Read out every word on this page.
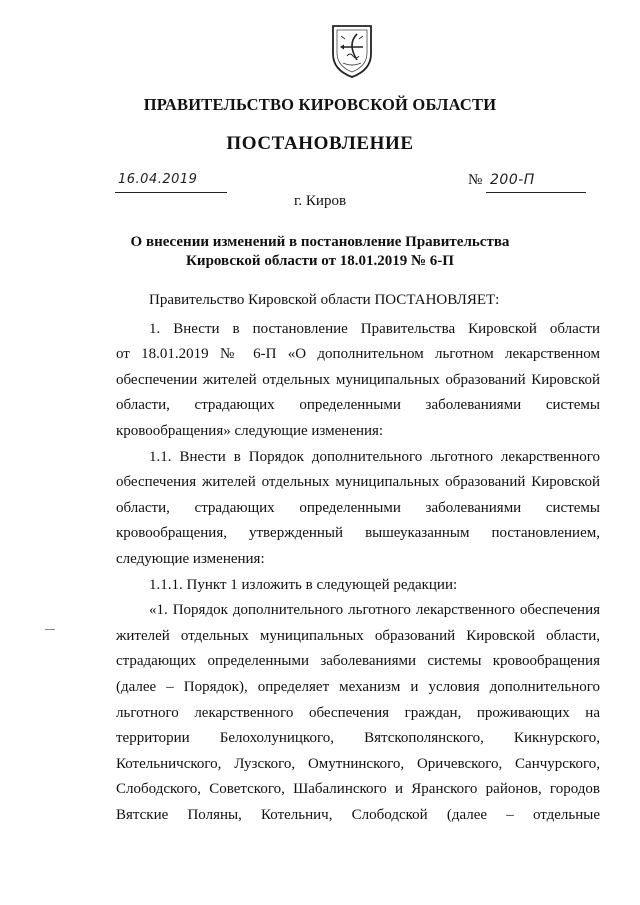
ПРАВИТЕЛЬСТВО КИРОВСКОЙ ОБЛАСТИ
ПОСТАНОВЛЕНИЕ
16.04.2019	№ 200-П
г. Киров
О внесении изменений в постановление Правительства
Кировской области от 18.01.2019 № 6-П

Правительство Кировской области ПОСТАНОВЛЯЕТ:

1. Внести в постановление Правительства Кировской области
от 18.01.2019 № 6-П «О дополнительном льготном лекарственном
обеспечении жителей отдельных муниципальных образований Кировской
области, страдающих определенными заболеваниями системы
кровообращения» следующие изменения:

1.1. Внести в Порядок дополнительного льготного лекарственного
обеспечения жителей отдельных муниципальных образований Кировской
области, страдающих определенными заболеваниями системы
кровообращения, утвержденный вышеуказанным постановлением,
следующие изменения:

1.1.1. Пункт 1 изложить в следующей редакции:

«1. Порядок дополнительного льготного лекарственного обеспечения
жителей отдельных муниципальных образований Кировской области,
страдающих определенными заболеваниями системы кровообращения
(далее – Порядок), определяет механизм и условия дополнительного
льготного лекарственного обеспечения граждан, проживающих на
территории Белохолуницкого, Вятскополянского, Кикнурского,
Котельничского, Лузского, Омутнинского, Оричевского, Санчурского,
Слободского, Советского, Шабалинского и Яранского районов, городов
Вятские Поляны, Котельнич, Слободской (далее – отдельные
